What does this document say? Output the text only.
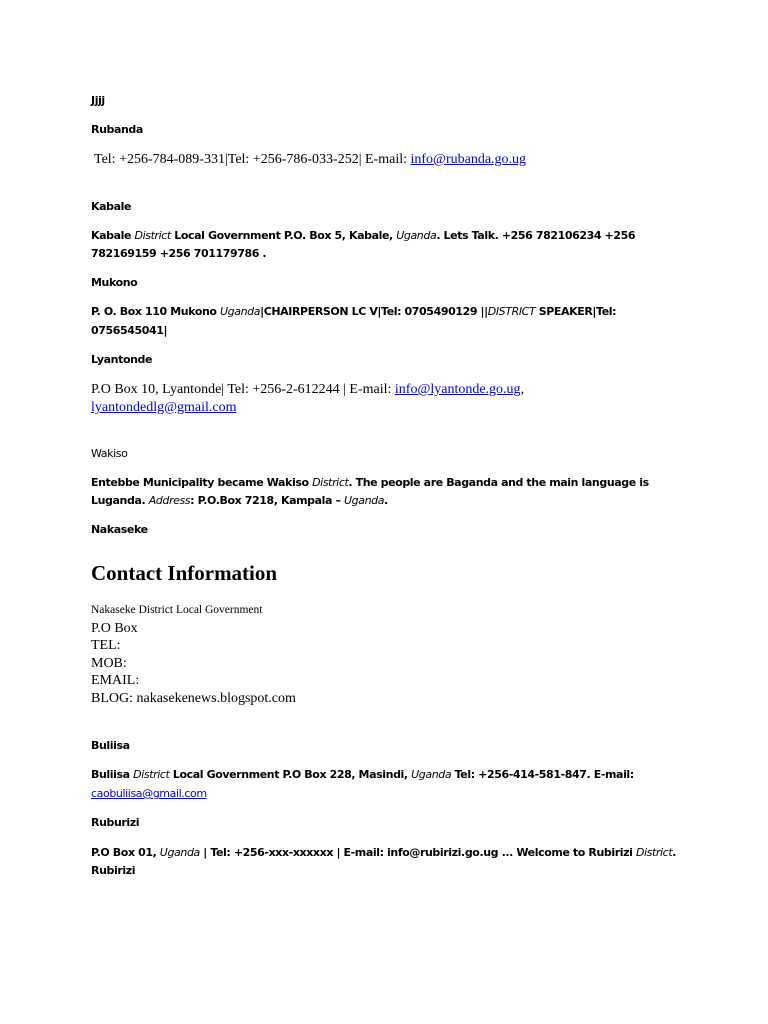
Jjjj
Rubanda
Tel: +256-784-089-331|Tel: +256-786-033-252| E-mail: info@rubanda.go.ug
Kabale
Kabale District Local Government P.O. Box 5, Kabale, Uganda. Lets Talk. +256 782106234 +256
782169159 +256 701179786 .
Mukono
P. O. Box 110 Mukono Uganda|CHAIRPERSON LC V|Tel: 0705490129 ||DISTRICT SPEAKER|Tel:
0756545041|
Lyantonde
P.O Box 10, Lyantonde| Tel: +256-2-612244 | E-mail: info@lyantonde.go.ug,
lyantondedlg@gmail.com
Wakiso
Entebbe Municipality became Wakiso District. The people are Baganda and the main language is
Luganda. Address: P.O.Box 7218, Kampala – Uganda.
Nakaseke
Contact Information
Nakaseke District Local Government
P.O Box
TEL:
MOB:
EMAIL:
BLOG: nakasekenews.blogspot.com
Buliisa
Buliisa District Local Government P.O Box 228, Masindi, Uganda Tel: +256-414-581-847. E-mail:
caobuliisa@gmail.com
Ruburizi
P.O Box 01, Uganda | Tel: +256-xxx-xxxxxx | E-mail: info@rubirizi.go.ug ... Welcome to Rubirizi District.
Rubirizi
